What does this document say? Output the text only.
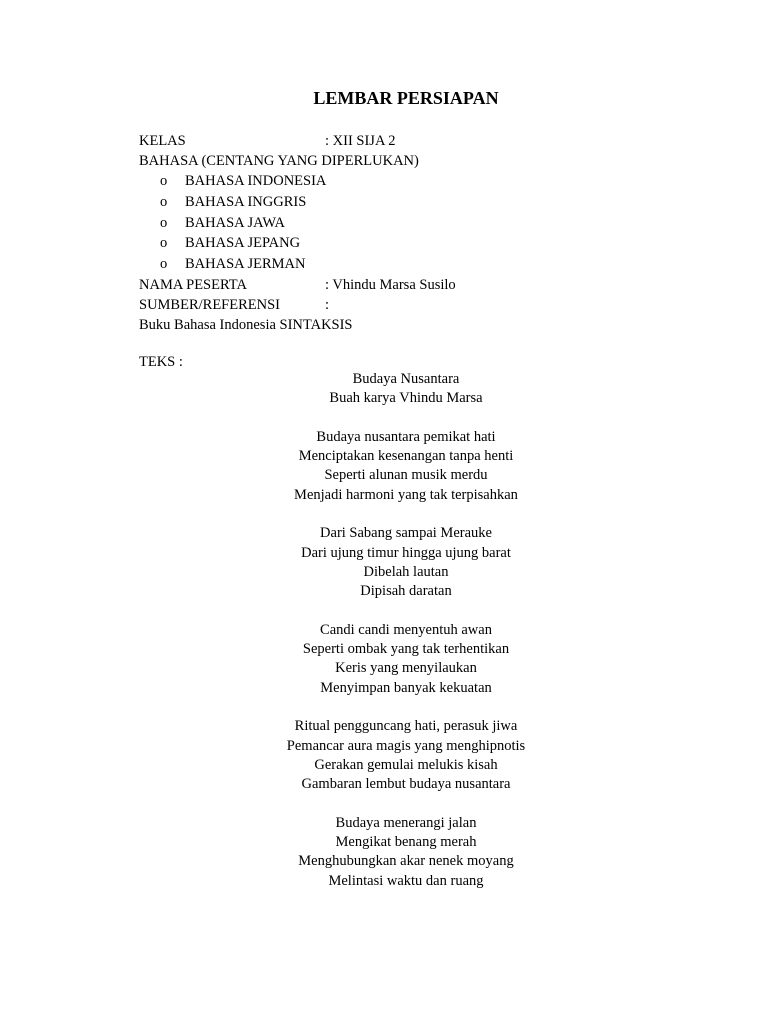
LEMBAR PERSIAPAN
KELAS	: XII SIJA 2
BAHASA (CENTANG YANG DIPERLUKAN)
o BAHASA INDONESIA
o BAHASA INGGRIS
o BAHASA JAWA
o BAHASA JEPANG
o BAHASA JERMAN
NAMA PESERTA	: Vhindu Marsa Susilo
SUMBER/REFERENSI	:
Buku Bahasa Indonesia SINTAKSIS
TEKS :
Budaya Nusantara
Buah karya Vhindu Marsa
Budaya nusantara pemikat hati
Menciptakan kesenangan tanpa henti
Seperti alunan musik merdu
Menjadi harmoni yang tak terpisahkan
Dari Sabang sampai Merauke
Dari ujung timur hingga ujung barat
Dibelah lautan
Dipisah daratan
Candi candi menyentuh awan
Seperti ombak yang tak terhentikan
Keris yang menyilaukan
Menyimpan banyak kekuatan
Ritual pengguncang hati, perasuk jiwa
Pemancar aura magis yang menghipnotis
Gerakan gemulai melukis kisah
Gambaran lembut budaya nusantara
Budaya menerangi jalan
Mengikat benang merah
Menghubungkan akar nenek moyang
Melintasi waktu dan ruang
